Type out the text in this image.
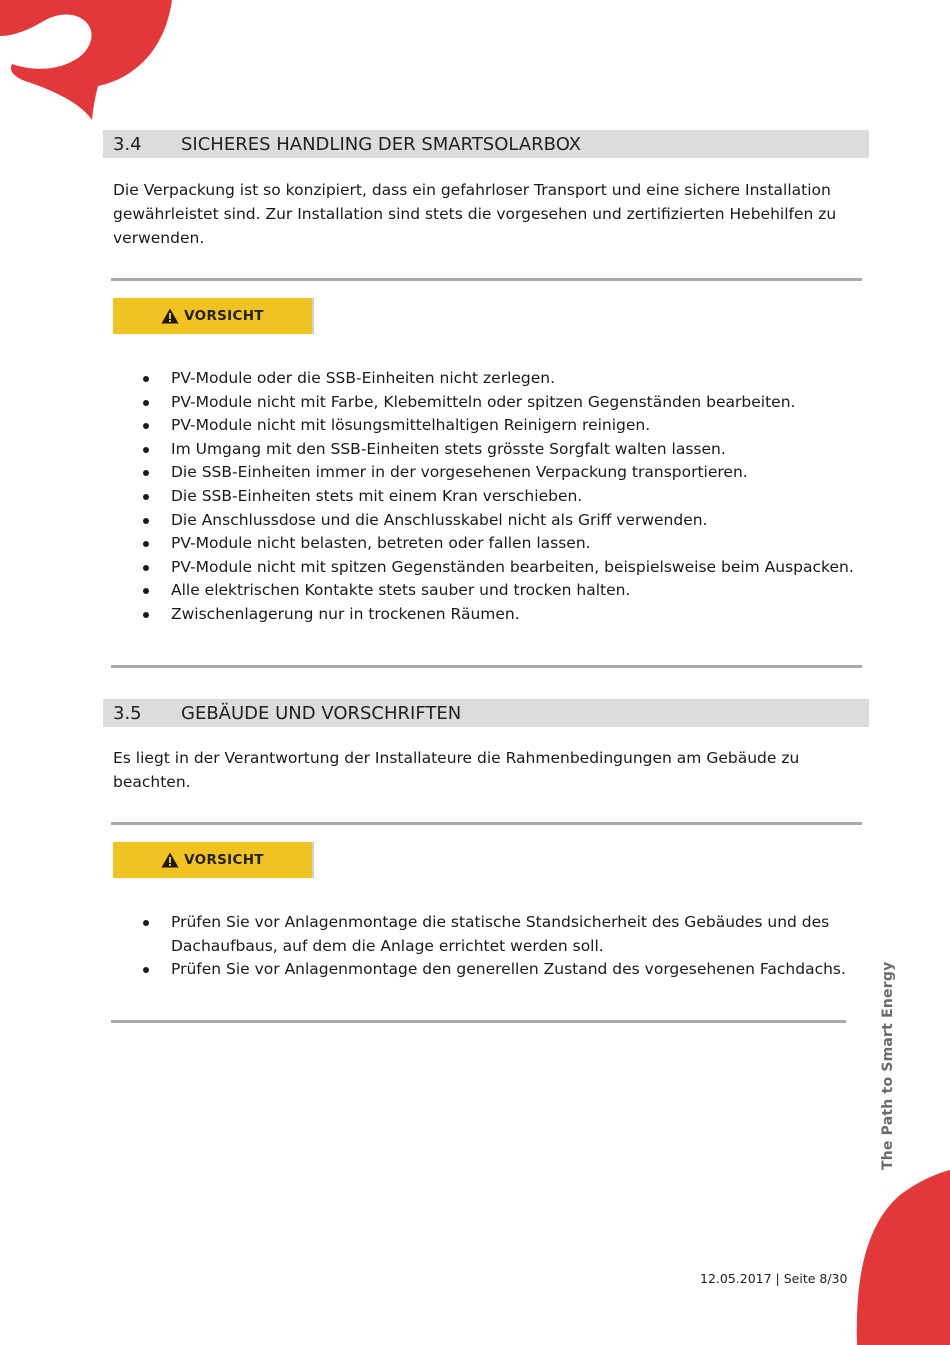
The Path to Smart Energy
3.4	SICHERES HANDLING DER SMARTSOLARBOX

Die Verpackung ist so konzipiert, dass ein gefahrloser Transport und eine sichere Installation gewährleistet sind. Zur Installation sind stets die vorgesehen und zertifizierten Hebehilfen zu verwenden.

VORSICHT
PV-Module oder die SSB-Einheiten nicht zerlegen.
PV-Module nicht mit Farbe, Klebemitteln oder spitzen Gegenständen bearbeiten.
PV-Module nicht mit lösungsmittelhaltigen Reinigern reinigen.
Im Umgang mit den SSB-Einheiten stets grösste Sorgfalt walten lassen.
Die SSB-Einheiten immer in der vorgesehenen Verpackung transportieren.
Die SSB-Einheiten stets mit einem Kran verschieben.
Die Anschlussdose und die Anschlusskabel nicht als Griff verwenden.
PV-Module nicht belasten, betreten oder fallen lassen.
PV-Module nicht mit spitzen Gegenständen bearbeiten, beispielsweise beim Auspacken.
Alle elektrischen Kontakte stets sauber und trocken halten.
Zwischenlagerung nur in trockenen Räumen.
3.5	GEBÄUDE UND VORSCHRIFTEN

Es liegt in der Verantwortung der Installateure die Rahmenbedingungen am Gebäude zu beachten.

VORSICHT
Prüfen Sie vor Anlagenmontage die statische Standsicherheit des Gebäudes und des Dachaufbaus, auf dem die Anlage errichtet werden soll.
Prüfen Sie vor Anlagenmontage den generellen Zustand des vorgesehenen Fachdachs.
12.05.2017 | Seite 8/30
